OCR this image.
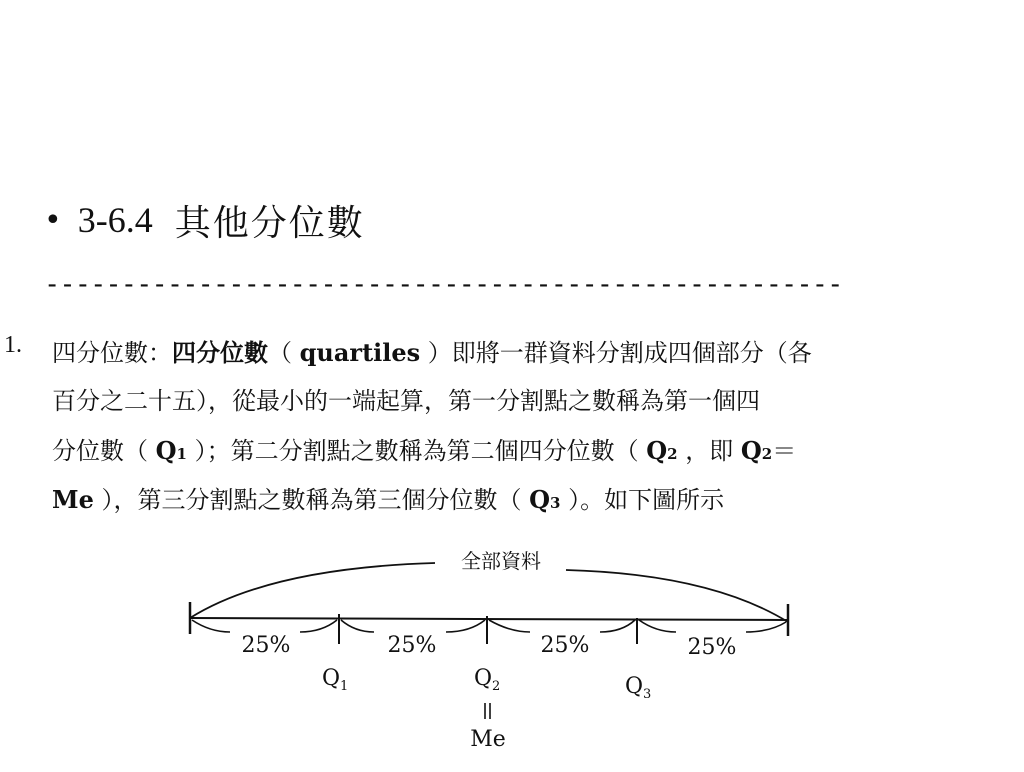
• 3-6.4 其他分位數
----------------------------------------------------
1. 四分位數：四分位數（ quartiles ）即將一群資料分割成四個部分（各
百分之二十五），從最小的一端起算，第一分割點之數稱為第一個四
分位數（ Q1 ）；第二分割點之數稱為第二個四分位數（ Q2 ，即 Q2＝
Me ），第三分割點之數稱為第三個分位數（ Q3 ）。如下圖所示
全部資料
25%	25%	25%	25%
$Q_1$	$Q_2$	$Q_3$
Me
